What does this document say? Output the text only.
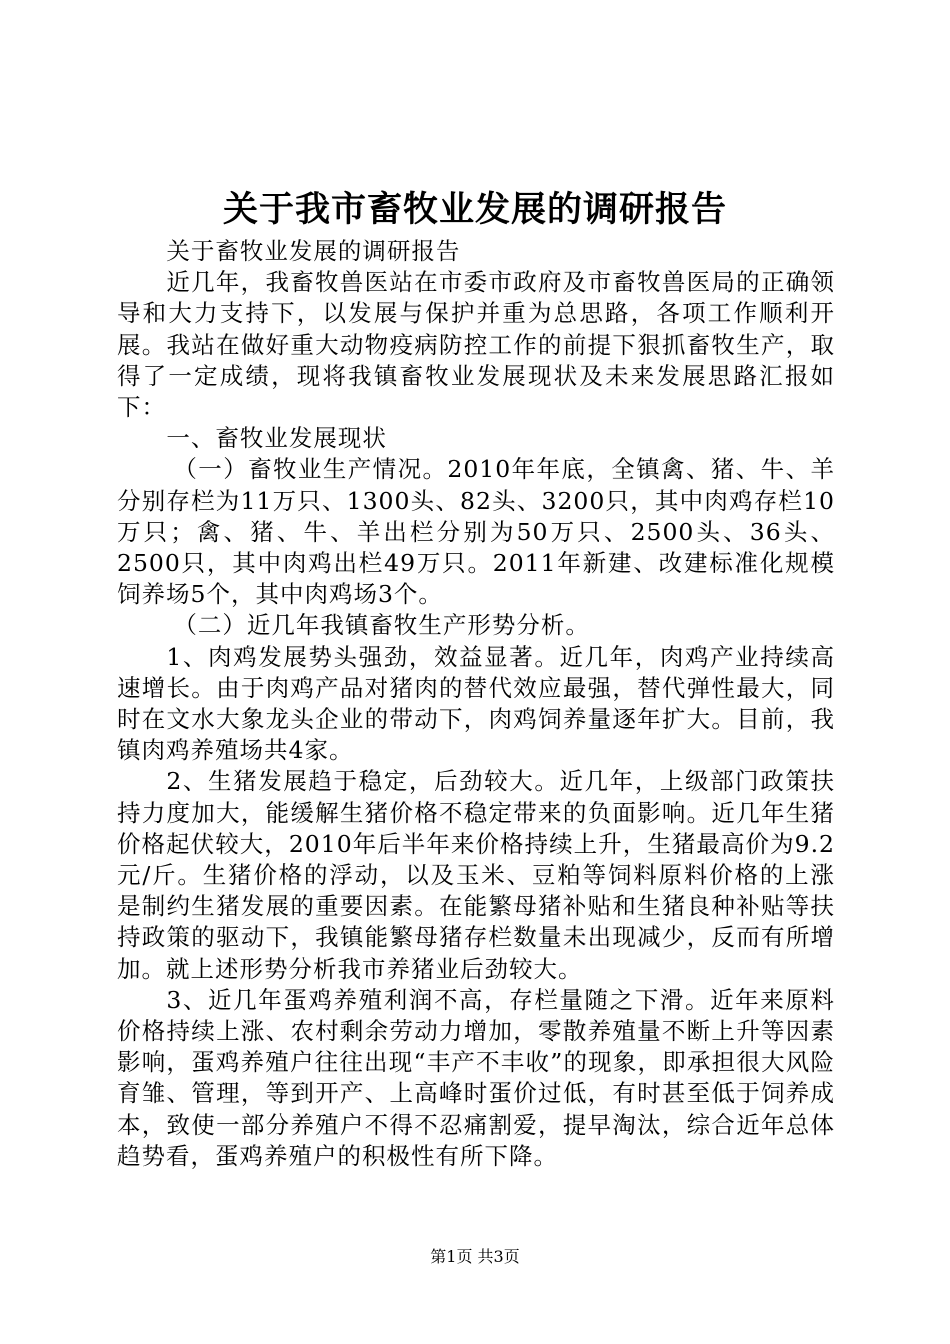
关于我市畜牧业发展的调研报告

关于畜牧业发展的调研报告

近几年，我畜牧兽医站在市委市政府及市畜牧兽医局的正确领导和大力支持下，以发展与保护并重为总思路，各项工作顺利开展。我站在做好重大动物疫病防控工作的前提下狠抓畜牧生产，取得了一定成绩，现将我镇畜牧业发展现状及未来发展思路汇报如下：

一、畜牧业发展现状

（一）畜牧业生产情况。2010年年底，全镇禽、猪、牛、羊分别存栏为11万只、1300头、82头、3200只，其中肉鸡存栏10万只；禽、猪、牛、羊出栏分别为50万只、2500头、36头、2500只，其中肉鸡出栏49万只。2011年新建、改建标准化规模饲养场5个，其中肉鸡场3个。

（二）近几年我镇畜牧生产形势分析。

1、肉鸡发展势头强劲，效益显著。近几年，肉鸡产业持续高速增长。由于肉鸡产品对猪肉的替代效应最强，替代弹性最大，同时在文水大象龙头企业的带动下，肉鸡饲养量逐年扩大。目前，我镇肉鸡养殖场共4家。

2、生猪发展趋于稳定，后劲较大。近几年，上级部门政策扶持力度加大，能缓解生猪价格不稳定带来的负面影响。近几年生猪价格起伏较大，2010年后半年来价格持续上升，生猪最高价为9.2元/斤。生猪价格的浮动，以及玉米、豆粕等饲料原料价格的上涨是制约生猪发展的重要因素。在能繁母猪补贴和生猪良种补贴等扶持政策的驱动下，我镇能繁母猪存栏数量未出现减少，反而有所增加。就上述形势分析我市养猪业后劲较大。

3、近几年蛋鸡养殖利润不高，存栏量随之下滑。近年来原料价格持续上涨、农村剩余劳动力增加，零散养殖量不断上升等因素影响，蛋鸡养殖户往往出现“丰产不丰收”的现象，即承担很大风险育雏、管理，等到开产、上高峰时蛋价过低，有时甚至低于饲养成本，致使一部分养殖户不得不忍痛割爱，提早淘汰，综合近年总体趋势看，蛋鸡养殖户的积极性有所下降。

第1页 共3页
